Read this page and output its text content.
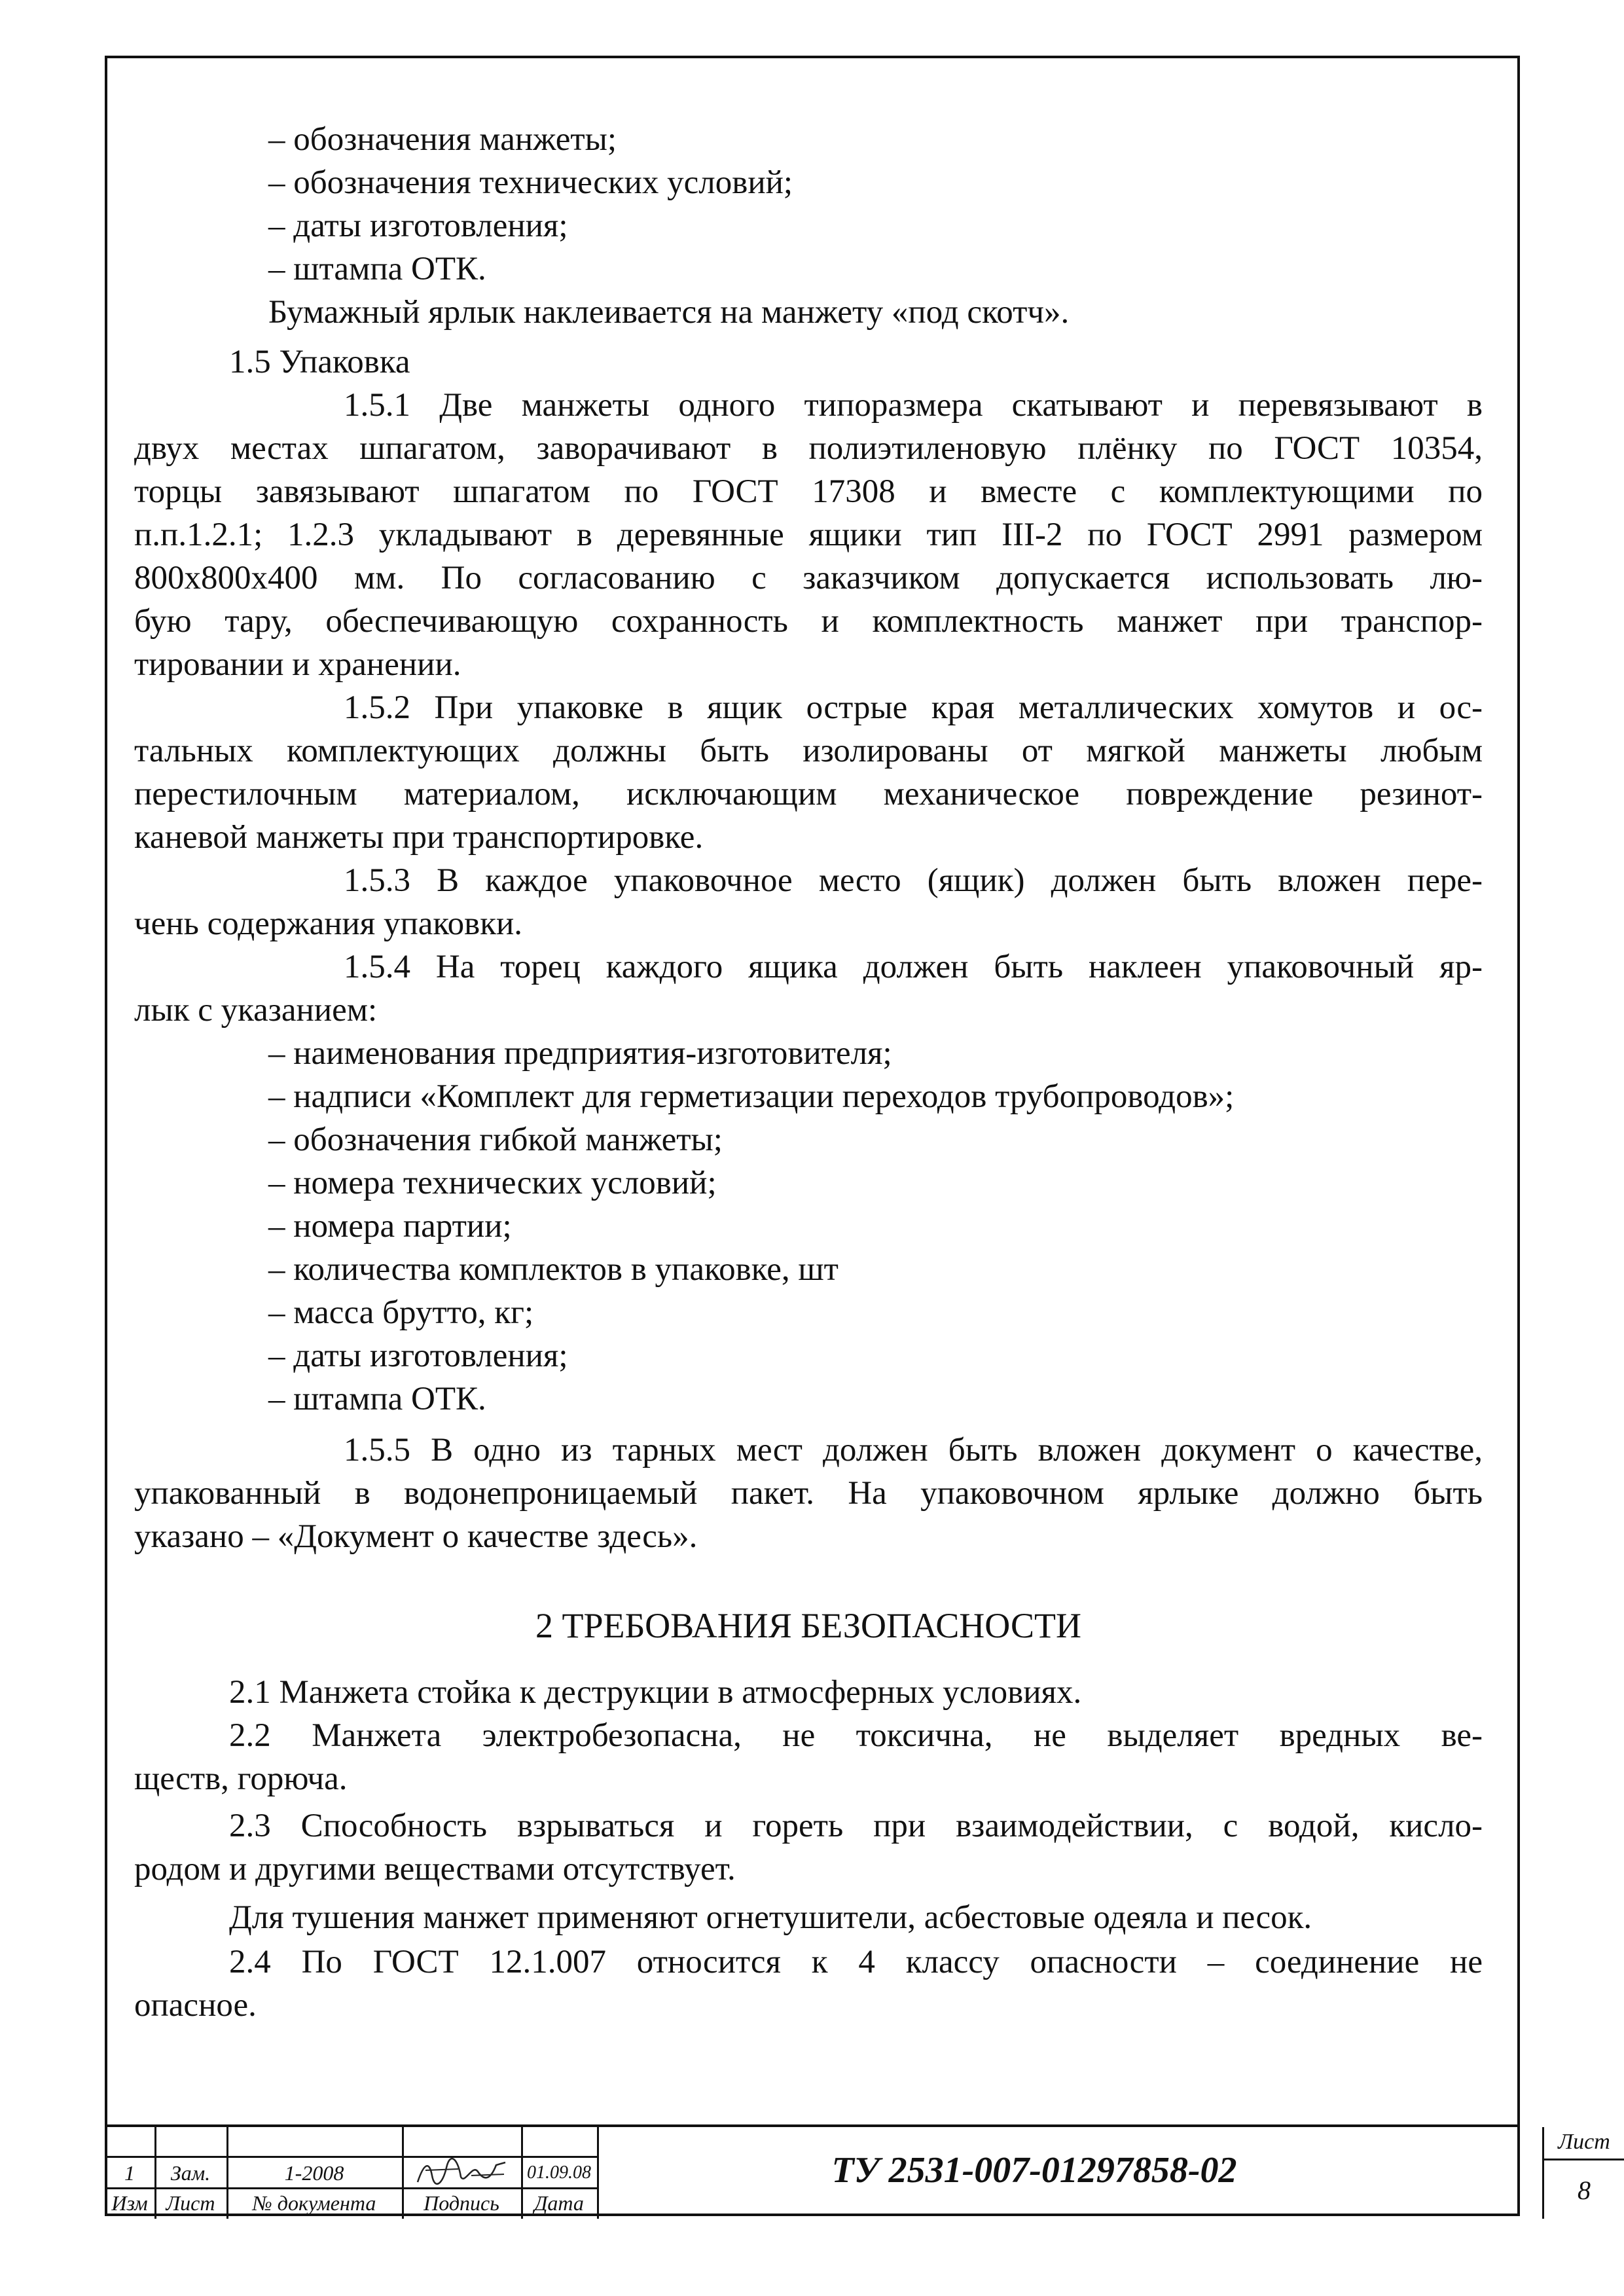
– обозначения манжеты;
– обозначения технических условий;
– даты изготовления;
– штампа ОТК.
Бумажный ярлык наклеивается на манжету «под скотч».
1.5 Упаковка
1.5.1 Две манжеты одного типоразмера скатывают и перевязывают в
двух местах шпагатом, заворачивают в полиэтиленовую плёнку по ГОСТ 10354,
торцы завязывают шпагатом по ГОСТ 17308 и вместе с комплектующими по
п.п.1.2.1; 1.2.3 укладывают в деревянные ящики тип III-2 по ГОСТ 2991 размером
800х800х400 мм. По согласованию с заказчиком допускается использовать лю-
бую тару, обеспечивающую сохранность и комплектность манжет при транспор-
тировании и хранении.
1.5.2 При упаковке в ящик острые края металлических хомутов и ос-
тальных комплектующих должны быть изолированы от мягкой манжеты любым
перестилочным материалом, исключающим механическое повреждение резинот-
каневой манжеты при транспортировке.
1.5.3 В каждое упаковочное место (ящик) должен быть вложен пере-
чень содержания упаковки.
1.5.4 На торец каждого ящика должен быть наклеен упаковочный яр-
лык с указанием:
– наименования предприятия-изготовителя;
– надписи «Комплект для герметизации переходов трубопроводов»;
– обозначения гибкой манжеты;
– номера технических условий;
– номера партии;
– количества комплектов в упаковке, шт
– масса брутто, кг;
– даты изготовления;
– штампа ОТК.
1.5.5 В одно из тарных мест должен быть вложен документ о качестве,
упакованный в водонепроницаемый пакет. На упаковочном ярлыке должно быть
указано – «Документ о качестве здесь».
2 ТРЕБОВАНИЯ БЕЗОПАСНОСТИ
2.1 Манжета стойка к деструкции в атмосферных условиях.
2.2 Манжета электробезопасна, не токсична, не выделяет вредных ве-
ществ, горюча.
2.3 Способность взрываться и гореть при взаимодействии, с водой, кисло-
родом и другими веществами отсутствует.
Для тушения манжет применяют огнетушители, асбестовые одеяла и песок.
2.4 По ГОСТ 12.1.007 относится к 4 классу опасности – соединение не
опасное.
1	Зам.	1-2008	01.09.08
Изм Лист	№ документа	Подпись	Дата
ТУ 2531-007-01297858-02
Лист
8
